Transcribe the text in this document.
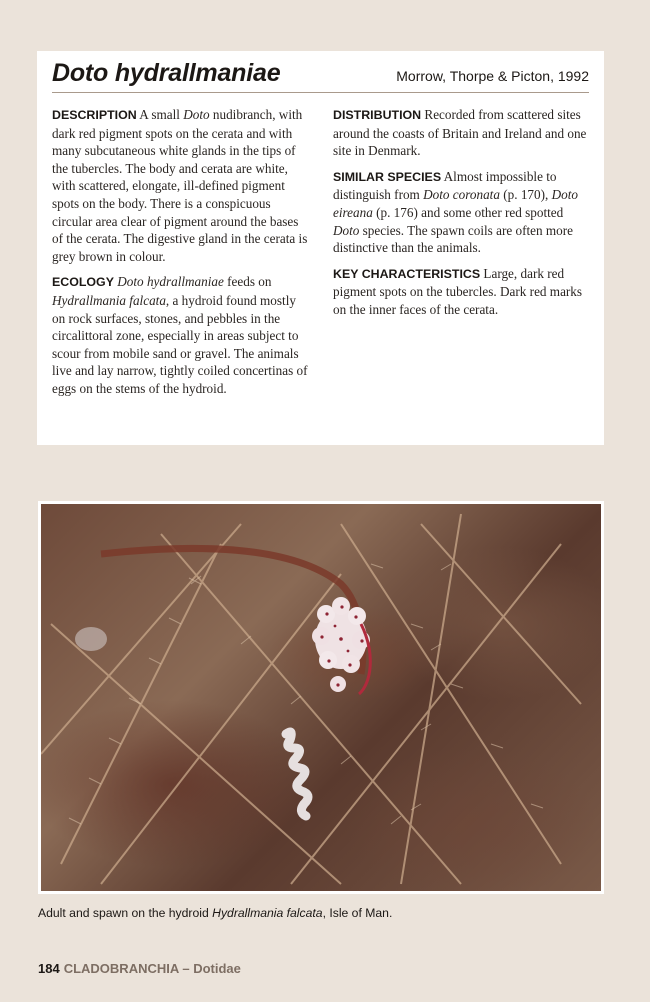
Doto hydrallmaniae	Morrow, Thorpe & Picton, 1992

DESCRIPTION A small Doto nudibranch, with dark red pigment spots on the cerata and with many subcutaneous white glands in the tips of the tubercles. The body and cerata are white, with scattered, elongate, ill-defined pigment spots on the body. There is a conspicuous circular area clear of pigment around the bases of the cerata. The digestive gland in the cerata is grey brown in colour.

ECOLOGY Doto hydrallmaniae feeds on Hydrallmania falcata, a hydroid found mostly on rock surfaces, stones, and pebbles in the circalittoral zone, especially in areas subject to scour from mobile sand or gravel. The animals live and lay narrow, tightly coiled concertinas of eggs on the stems of the hydroid.

DISTRIBUTION Recorded from scattered sites around the coasts of Britain and Ireland and one site in Denmark.

SIMILAR SPECIES Almost impossible to distinguish from Doto coronata (p. 170), Doto eireana (p. 176) and some other red spotted Doto species. The spawn coils are often more distinctive than the animals.

KEY CHARACTERISTICS Large, dark red pigment spots on the tubercles. Dark red marks on the inner faces of the cerata.

Adult and spawn on the hydroid Hydrallmania falcata, Isle of Man.

184 CLADOBRANCHIA – Dotidae
